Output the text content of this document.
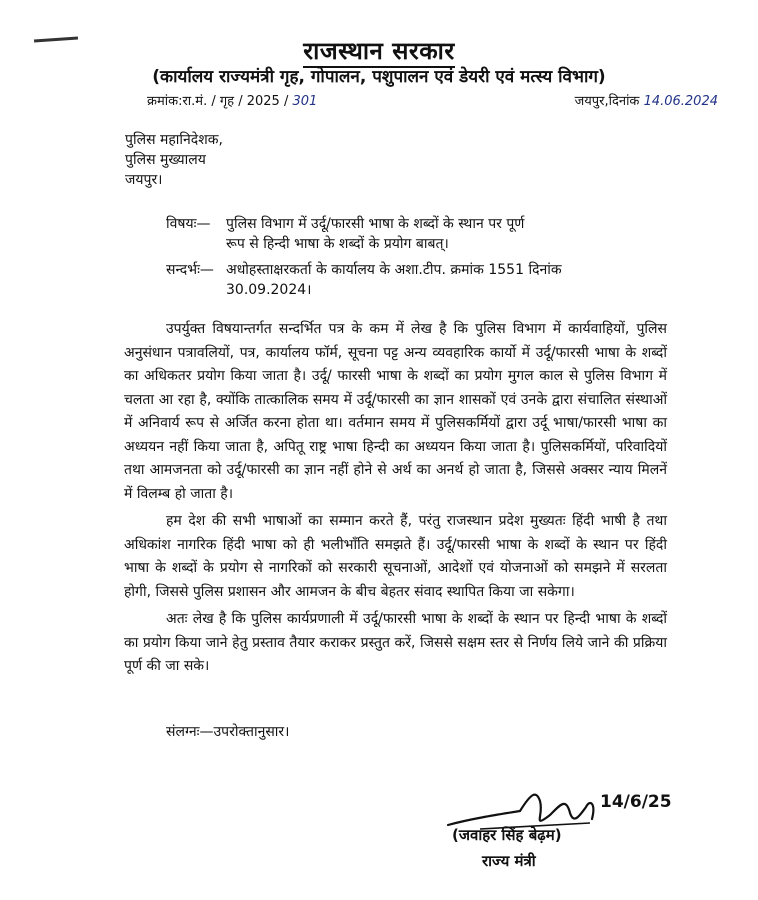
राजस्थान सरकार
(कार्यालय राज्यमंत्री गृह, गोपालन, पशुपालन एवं डेयरी एवं मत्स्य विभाग)
क्रमांक:रा.मं. / गृह / 2025 / 301	जयपुर,दिनांक 14.06.2024
पुलिस महानिदेशक,
पुलिस मुख्यालय
जयपुर।
विषयः— पुलिस विभाग में उर्दू/फारसी भाषा के शब्दों के स्थान पर पूर्ण
रूप से हिन्दी भाषा के शब्दों के प्रयोग बाबत्।
सन्दर्भः— अधोहस्ताक्षरकर्ता के कार्यालय के अशा.टीप. क्रमांक 1551 दिनांक
30.09.2024।

उपर्युक्त विषयान्तर्गत सन्दर्भित पत्र के कम में लेख है कि पुलिस विभाग में कार्यवाहियों, पुलिस अनुसंधान पत्रावलियों, पत्र, कार्यालय फॉर्म, सूचना पट्ट अन्य व्यवहारिक कार्यो में उर्दू/फारसी भाषा के शब्दों का अधिकतर प्रयोग किया जाता है। उर्दू/ फारसी भाषा के शब्दों का प्रयोग मुगल काल से पुलिस विभाग में चलता आ रहा है, क्योंकि तात्कालिक समय में उर्दू/फारसी का ज्ञान शासकों एवं उनके द्वारा संचालित संस्थाओं में अनिवार्य रूप से अर्जित करना होता था। वर्तमान समय में पुलिसकर्मियों द्वारा उर्दू भाषा/फारसी भाषा का अध्ययन नहीं किया जाता है, अपितू राष्ट्र भाषा हिन्दी का अध्ययन किया जाता है। पुलिसकर्मियों, परिवादियों तथा आमजनता को उर्दू/फारसी का ज्ञान नहीं होने से अर्थ का अनर्थ हो जाता है, जिससे अक्सर न्याय मिलनें में विलम्ब हो जाता है।

हम देश की सभी भाषाओं का सम्मान करते हैं, परंतु राजस्थान प्रदेश मुख्यतः हिंदी भाषी है तथा अधिकांश नागरिक हिंदी भाषा को ही भलीभाँति समझते हैं। उर्दू/फारसी भाषा के शब्दों के स्थान पर हिंदी भाषा के शब्दों के प्रयोग से नागरिकों को सरकारी सूचनाओं, आदेशों एवं योजनाओं को समझने में सरलता होगी, जिससे पुलिस प्रशासन और आमजन के बीच बेहतर संवाद स्थापित किया जा सकेगा।

अतः लेख है कि पुलिस कार्यप्रणाली में उर्दू/फारसी भाषा के शब्दों के स्थान पर हिन्दी भाषा के शब्दों का प्रयोग किया जाने हेतु प्रस्ताव तैयार कराकर प्रस्तुत करें, जिससे सक्षम स्तर से निर्णय लिये जाने की प्रक्रिया पूर्ण की जा सके।

संलग्नः—उपरोक्तानुसार।
14/6/25
(जवाहर सिंह बेढ़म)
राज्य मंत्री
